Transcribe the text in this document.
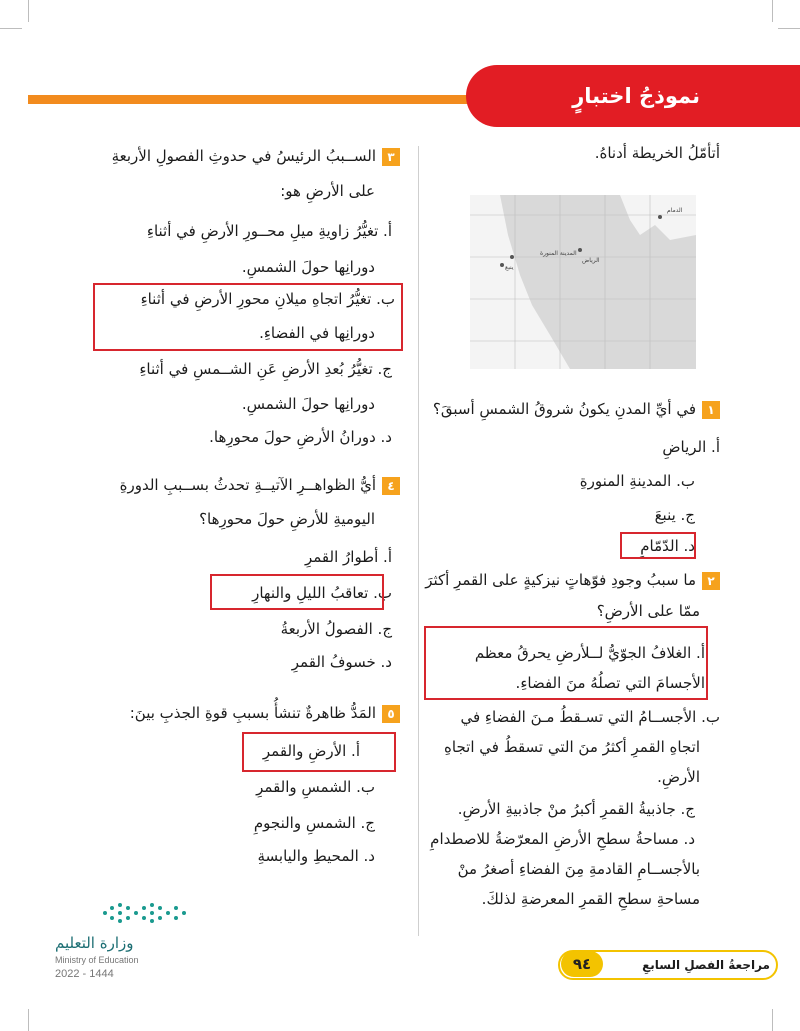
نموذجُ اختبارٍ
أتأمّلُ الخريطة أدناهُ.
الدمام
الرياض
المدينة المنورة
ينبع
١في أيِّ المدنِ يكونُ شروقُ الشمسِ أسبقَ؟
أ. الرياضِ
ب. المدينةِ المنورةِ
ج. ينبعَ
د. الدّمّامِ
٢ما سببُ وجودِ فوّهاتٍ نيزكيةٍ على القمرِ أكثرَ
ممّا على الأرضِ؟
أ. الغلافُ الجوّيُّ لــلأرضِ يحرقُ معظم
الأجسامَ التي تصلُهُ منَ الفضاءِ.
ب. الأجســامُ التي تسـقطُ مـنَ الفضاءِ في
اتجاهِ القمرِ أكثرُ منَ التي تسقطُ في اتجاهِ
الأرضِ.
ج. جاذبيةُ القمرِ أكبرُ منْ جاذبيةِ الأرضِ.
د. مساحةُ سطحِ الأرضِ المعرّضةُ للاصطدامِ
بالأجســامِ القادمةِ مِنَ الفضاءِ أصغرُ منْ
مساحةِ سطحِ القمرِ المعرضةِ لذلكَ.
٣الســببُ الرئيسُ في حدوثِ الفصولِ الأربعةِ
على الأرضِ هو:
أ. تغيُّرُ زاويةِ ميلِ محــورِ الأرضِ في أثناءِ
دورانِها حولَ الشمسِ.
ب. تغيُّرُ اتجاهِ ميلانِ محورِ الأرضِ في أثناءِ
دورانِها في الفضاءِ.
ج. تغيُّرُ بُعدِ الأرضِ عَنِ الشــمسِ في أثناءِ
دورانِها حولَ الشمسِ.
د. دورانُ الأرضِ حولَ محورِها.
٤أيُّ الظواهــرِ الآتيــةِ تحدثُ بســببِ الدورةِ
اليوميةِ للأرضِ حولَ محورِها؟
أ. أطوارُ القمرِ
ب. تعاقبُ الليلِ والنهارِ
ج. الفصولُ الأربعةُ
د. خسوفُ القمرِ
٥المَدُّ ظاهرةٌ تنشأُ بسببِ قوةِ الجذبِ بينَ:
أ. الأرضِ والقمرِ
ب. الشمسِ والقمرِ
ج. الشمسِ والنجومِ
د. المحيطِ واليابسةِ
وزارة التعليم
Ministry of Education
2022 - 1444
٩٤	مراجعةُ الفصلِ السابعِ
